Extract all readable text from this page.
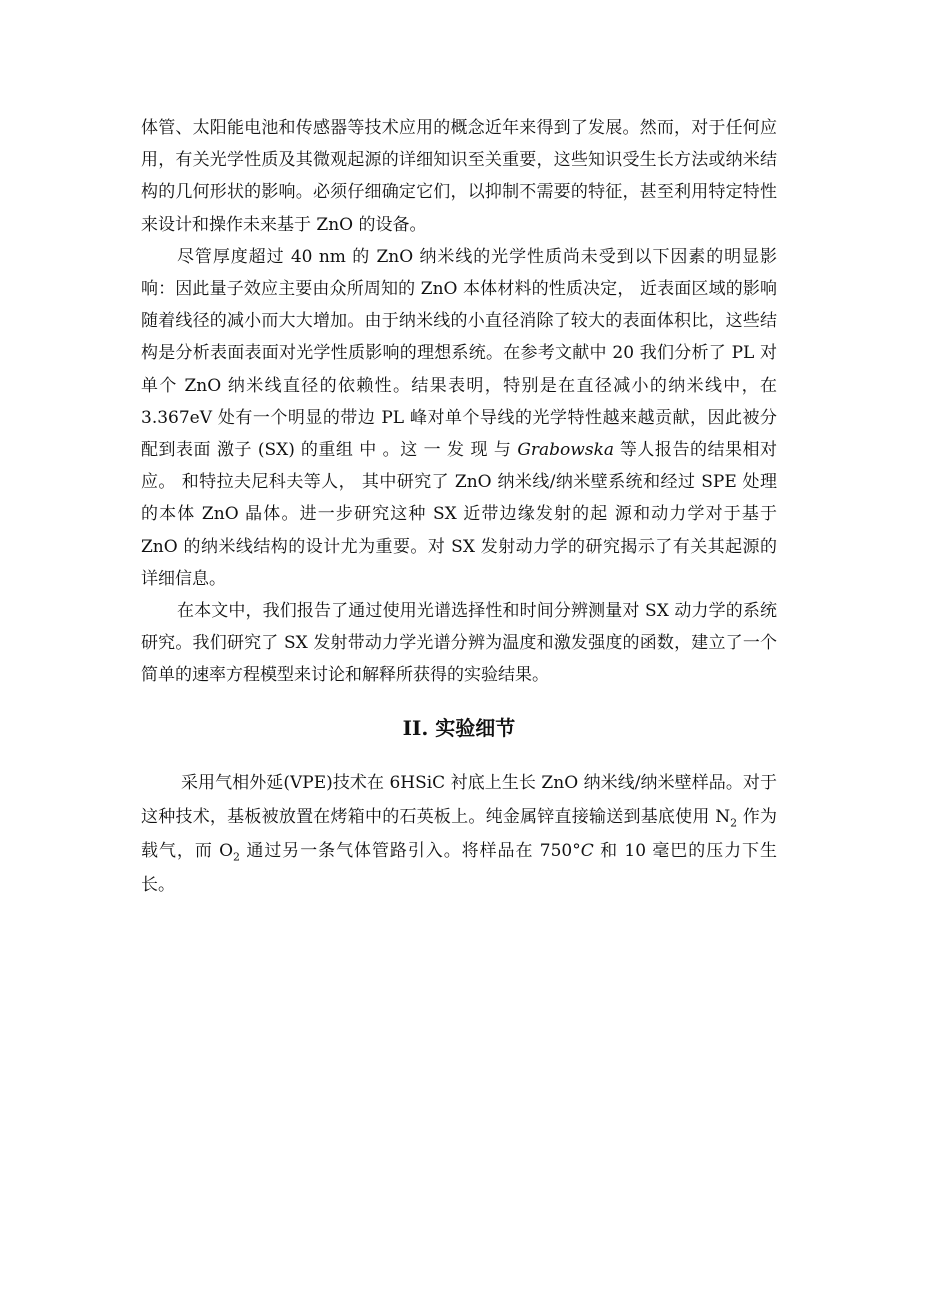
体管、太阳能电池和传感器等技术应用的概念近年来得到了发展。然而，对于任何应用，有关光学性质及其微观起源的详细知识至关重要，这些知识受生长方法或纳米结构的几何形状的影响。必须仔细确定它们，以抑制不需要的特征，甚至利用特定特性来设计和操作未来基于 ZnO 的设备。

尽管厚度超过 40 nm 的 ZnO 纳米线的光学性质尚未受到以下因素的明显影响：因此量子效应主要由众所周知的 ZnO 本体材料的性质决定， 近表面区域的影响随着线径的减小而大大增加。由于纳米线的小直径消除了较大的表面体积比，这些结构是分析表面表面对光学性质影响的理想系统。在参考文献中 20 我们分析了 PL 对单个 ZnO 纳米线直径的依赖性。结果表明，特别是在直径减小的纳米线中，在 3.367eV 处有一个明显的带边 PL 峰对单个导线的光学特性越来越贡献，因此被分配到表面 激子 (SX) 的重组 中 。这 一 发 现 与 Grabowska 等人报告的结果相对应。 和特拉夫尼科夫等人， 其中研究了 ZnO 纳米线/纳米壁系统和经过 SPE 处理的本体 ZnO 晶体。进一步研究这种 SX 近带边缘发射的起 源和动力学对于基于 ZnO 的纳米线结构的设计尤为重要。对 SX 发射动力学的研究揭示了有关其起源的详细信息。

在本文中，我们报告了通过使用光谱选择性和时间分辨测量对 SX 动力学的系统研究。我们研究了 SX 发射带动力学光谱分辨为温度和激发强度的函数，建立了一个简单的速率方程模型来讨论和解释所获得的实验结果。

II. 实验细节

采用气相外延(VPE)技术在 6HSiC 衬底上生长 ZnO 纳米线/纳米壁样品。对于这种技术，基板被放置在烤箱中的石英板上。纯金属锌直接输送到基底使用 $N_2$ 作为载气，而 $O_2$ 通过另一条气体管路引入。将样品在 750°C 和 10 毫巴的压力下生长。
